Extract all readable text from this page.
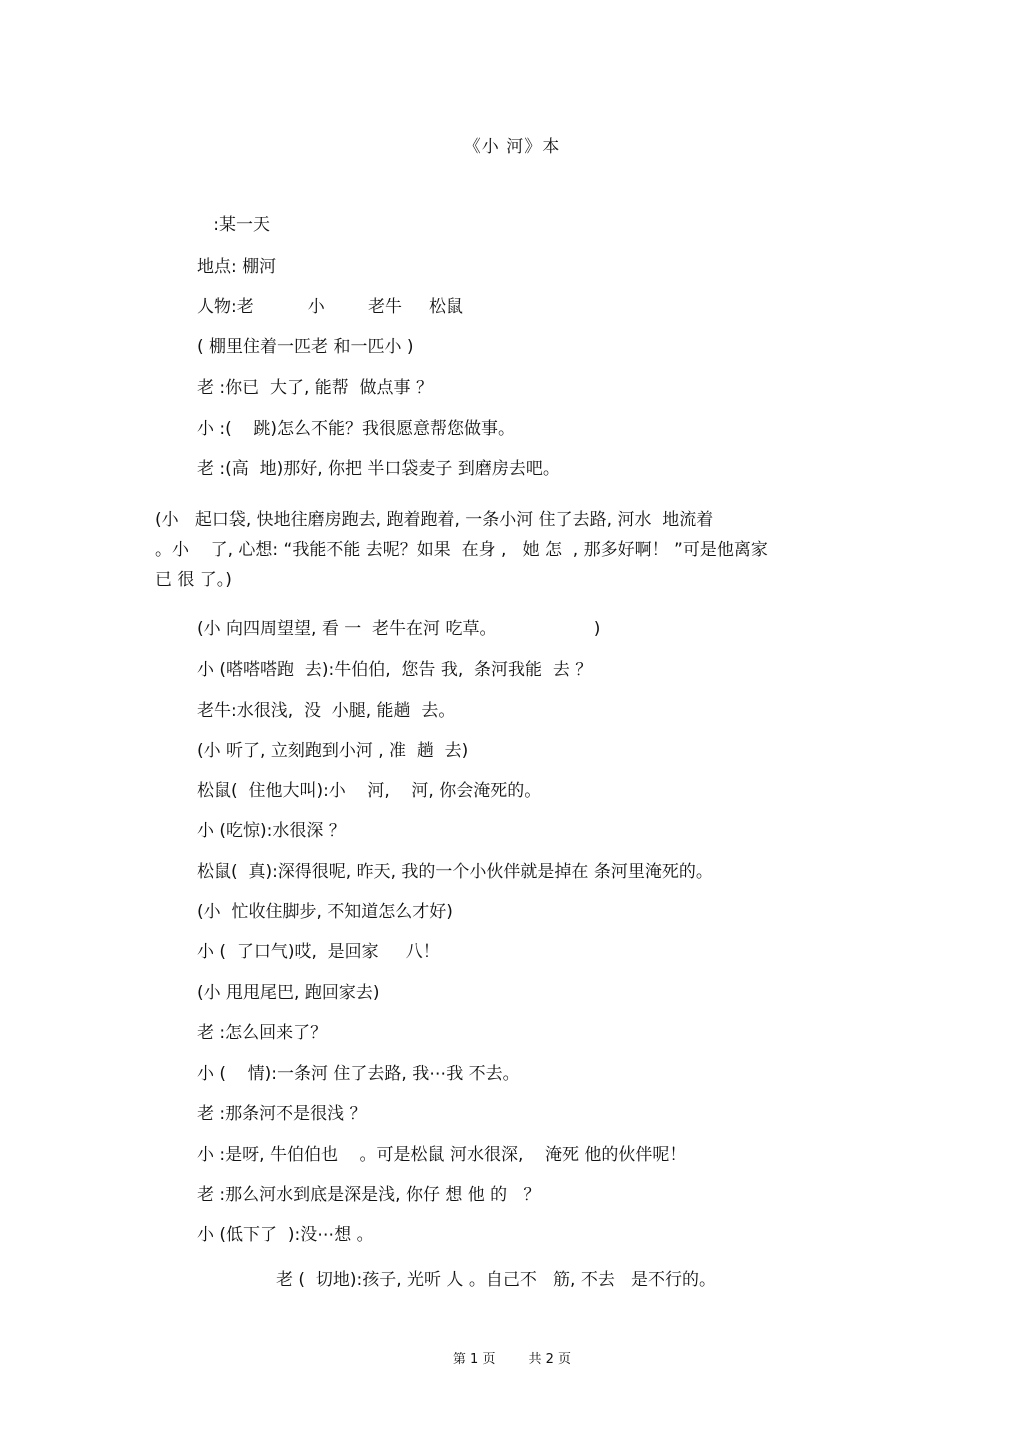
《小 河》本
:某一天
地点: 棚河
人物:老          小        老牛     松鼠
( 棚里住着一匹老 和一匹小 )
老 :你已  大了, 能帮  做点事 ？
小 :(    跳)怎么不能？我很愿意帮您做事。
老 :(高  地)那好, 你把 半口袋麦子 到磨房去吧。
(小   起口袋, 快地往磨房跑去, 跑着跑着, 一条小河 住了去路, 河水  地流着
。小    了, 心想: “我能不能 去呢？如果  在身 ,   她 怎  , 那多好啊！ ”可是他离家
已 很 了。)
(小 向四周望望, 看 一  老牛在河 吃草。                  )
小 (嗒嗒嗒跑  去):牛伯伯,  您告 我,  条河我能  去 ？
老牛:水很浅,  没  小腿, 能趟  去。
(小 听了, 立刻跑到小河 , 准  趟  去)
松鼠(  住他大叫):小    河,    河, 你会淹死的。
小 (吃惊):水很深 ？
松鼠(  真):深得很呢, 昨天, 我的一个小伙伴就是掉在 条河里淹死的。
(小  忙收住脚步, 不知道怎么才好)
小 (  了口气)哎,  是回家     八！
(小 甩甩尾巴, 跑回家去)
老 :怎么回来了？
小 (    情):一条河 住了去路, 我⋯我 不去。
老 :那条河不是很浅 ？
小 :是呀, 牛伯伯也    。可是松鼠 河水很深,    淹死 他的伙伴呢！
老 :那么河水到底是深是浅, 你仔 想 他 的   ？
小 (低下了  ):没⋯想 。
老 (  切地):孩子, 光听 人 。自己不   筋, 不去   是不行的。
第 1 页        共 2 页
